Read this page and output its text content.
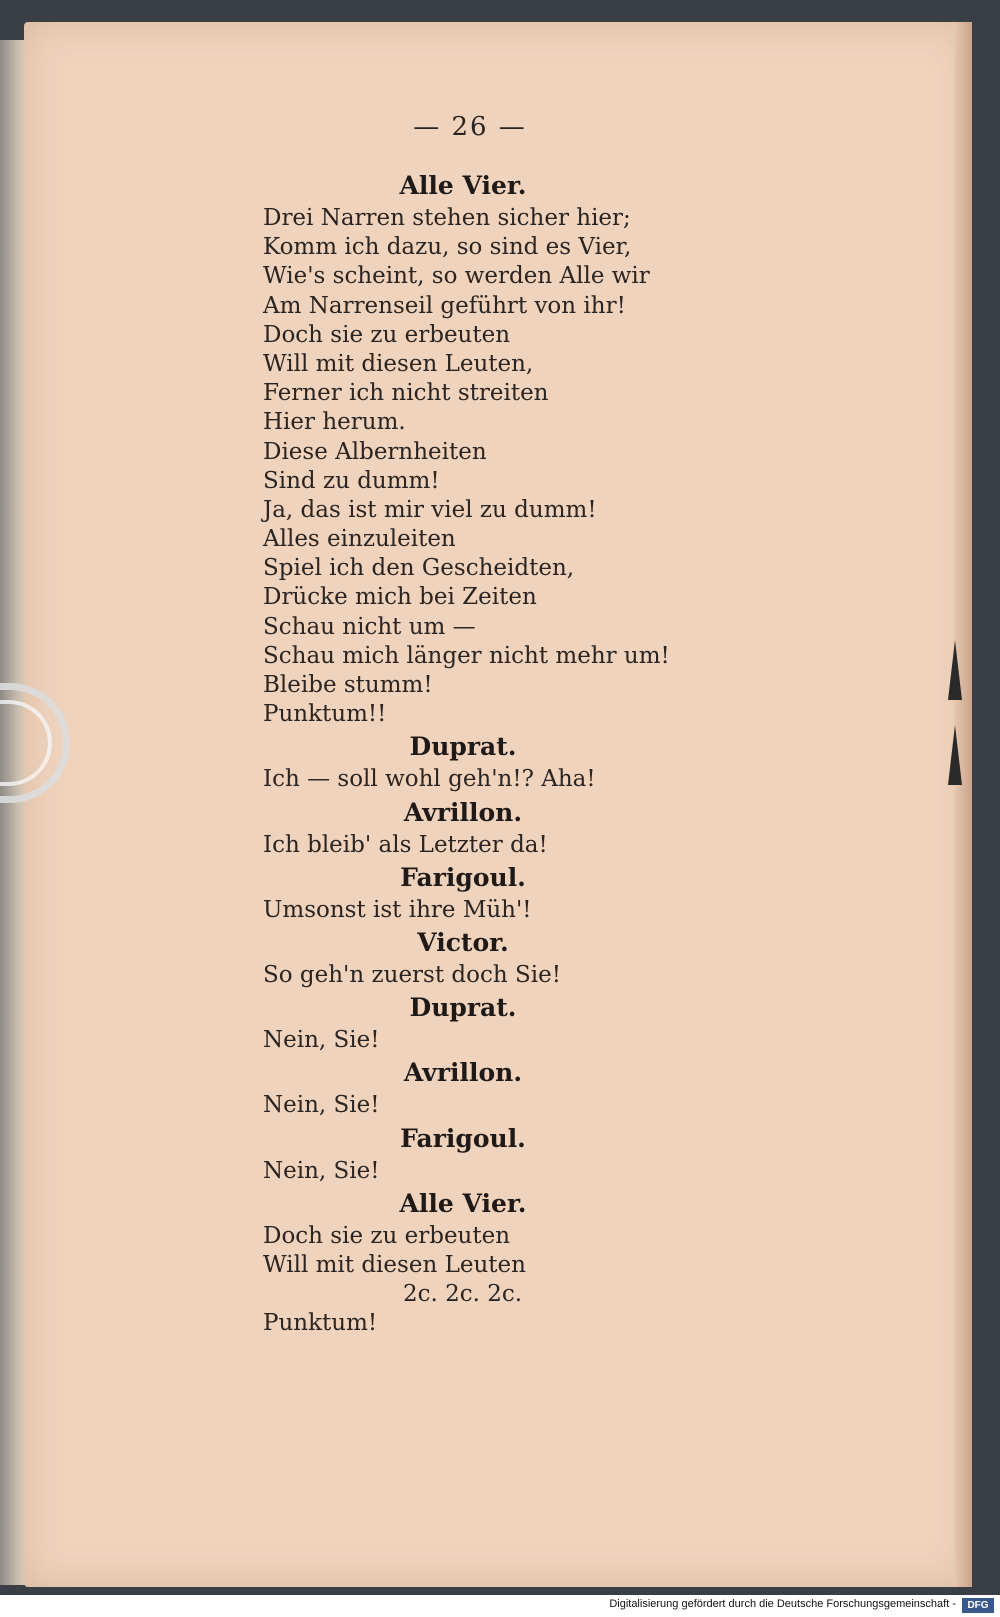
— 26 —
Alle Vier.
Drei Narren stehen sicher hier;
Komm ich dazu, so sind es Vier,
Wie's scheint, so werden Alle wir
Am Narrenseil geführt von ihr!
Doch sie zu erbeuten
Will mit diesen Leuten,
Ferner ich nicht streiten
Hier herum.
Diese Albernheiten
Sind zu dumm!
Ja, das ist mir viel zu dumm!
Alles einzuleiten
Spiel ich den Gescheidten,
Drücke mich bei Zeiten
Schau nicht um —
Schau mich länger nicht mehr um!
Bleibe stumm!
Punktum!!
Duprat.
Ich — soll wohl geh'n!? Aha!
Avrillon.
Ich bleib' als Letzter da!
Farigoul.
Umsonst ist ihre Müh'!
Victor.
So geh'n zuerst doch Sie!
Duprat.
Nein, Sie!
Avrillon.
Nein, Sie!
Farigoul.
Nein, Sie!
Alle Vier.
Doch sie zu erbeuten
Will mit diesen Leuten
2c. 2c. 2c.
Punktum!
Digitalisierung gefördert durch die Deutsche Forschungsgemeinschaft -	DFG
